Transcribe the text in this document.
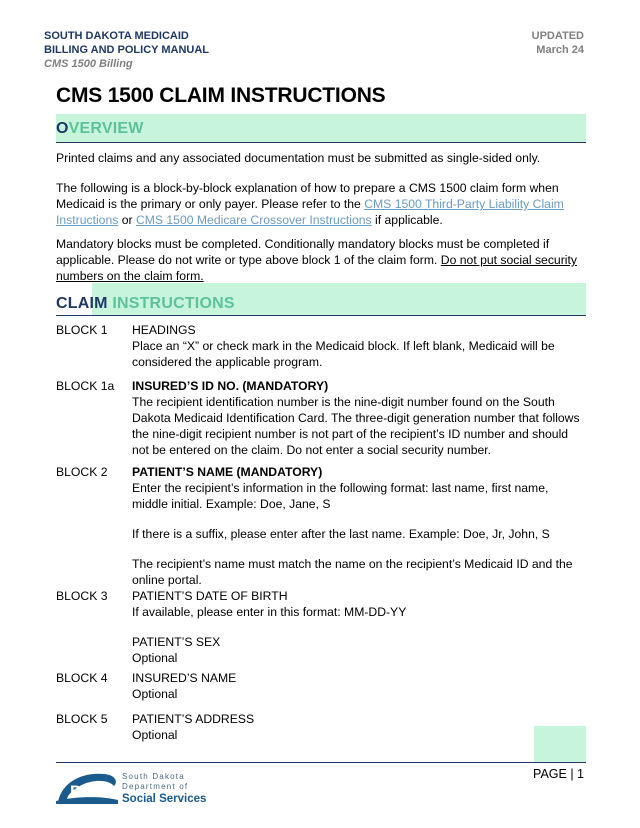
SOUTH DAKOTA MEDICAID
BILLING AND POLICY MANUAL
CMS 1500 Billing
UPDATED
March 24
CMS 1500 CLAIM INSTRUCTIONS
OVERVIEW

Printed claims and any associated documentation must be submitted as single-sided only.

The following is a block-by-block explanation of how to prepare a CMS 1500 claim form when Medicaid is the primary or only payer. Please refer to the CMS 1500 Third-Party Liability Claim Instructions or CMS 1500 Medicare Crossover Instructions if applicable.

Mandatory blocks must be completed. Conditionally mandatory blocks must be completed if applicable. Please do not write or type above block 1 of the claim form. Do not put social security numbers on the claim form.

CLAIM INSTRUCTIONS
BLOCK 1	HEADINGS
Place an “X” or check mark in the Medicaid block. If left blank, Medicaid will be considered the applicable program.
BLOCK 1a	INSURED’S ID NO. (MANDATORY)
The recipient identification number is the nine-digit number found on the South Dakota Medicaid Identification Card. The three-digit generation number that follows the nine-digit recipient number is not part of the recipient’s ID number and should not be entered on the claim. Do not enter a social security number.
BLOCK 2	PATIENT’S NAME (MANDATORY)
Enter the recipient’s information in the following format: last name, first name, middle initial. Example: Doe, Jane, S
If there is a suffix, please enter after the last name. Example: Doe, Jr, John, S
The recipient’s name must match the name on the recipient’s Medicaid ID and the online portal.
BLOCK 3	PATIENT’S DATE OF BIRTH
If available, please enter in this format: MM-DD-YY
PATIENT’S SEX
Optional
BLOCK 4	INSURED’S NAME
Optional
BLOCK 5	PATIENT’S ADDRESS
Optional
PAGE | 1
DSS
South Dakota
Department of
Social Services
